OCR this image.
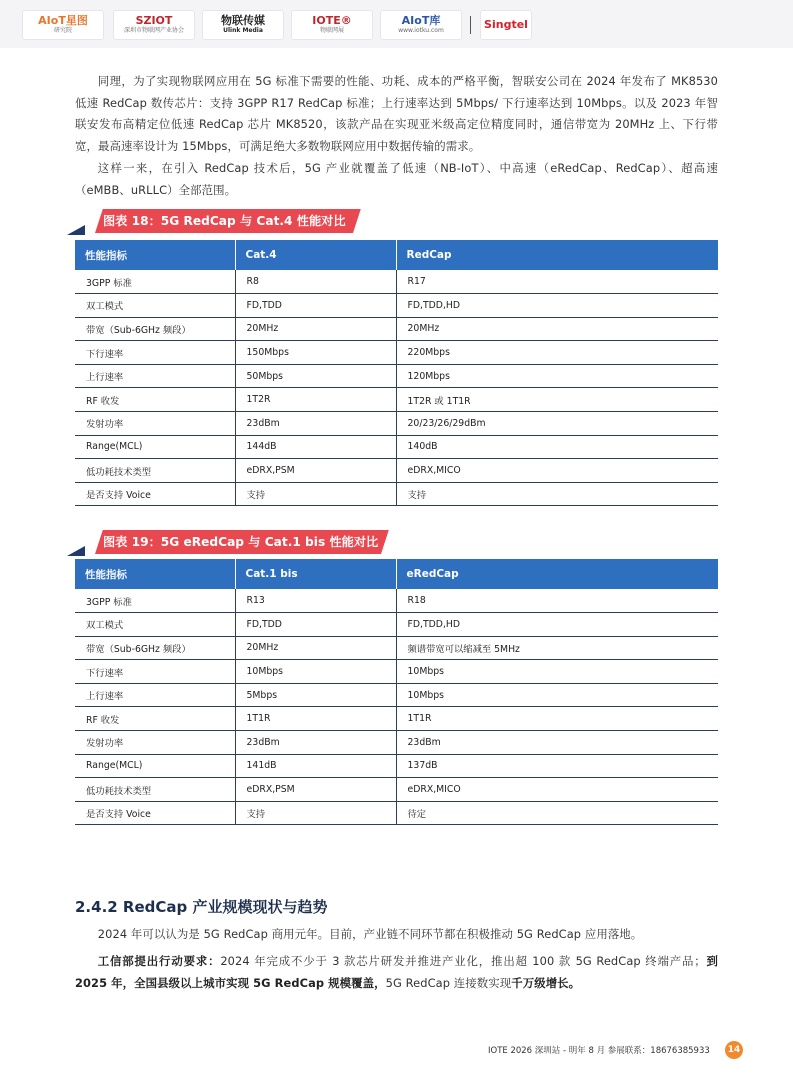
AIoT星图
研究院
SZIOT
深圳市物联网产业协会
物联传媒
Ulink Media
IOTE®
物联网展
AIoT库
www.iotku.com	Singtel

同理，为了实现物联网应用在 5G 标准下需要的性能、功耗、成本的严格平衡，智联安公司在 2024 年发布了 MK8530 低速 RedCap 数传芯片：支持 3GPP R17 RedCap 标准；上行速率达到 5Mbps/ 下行速率达到 10Mbps。以及 2023 年智联安发布高精定位低速 RedCap 芯片 MK8520，该款产品在实现亚米级高定位精度同时，通信带宽为 20MHz 上、下行带宽，最高速率设计为 15Mbps，可满足绝大多数物联网应用中数据传输的需求。

这样一来，在引入 RedCap 技术后，5G 产业就覆盖了低速（NB-IoT）、中高速（eRedCap、RedCap）、超高速（eMBB、uRLLC）全部范围。

图表 18：5G RedCap 与 Cat.4 性能对比
性能指标	Cat.4	RedCap
3GPP 标准	R8	R17
双工模式	FD,TDD	FD,TDD,HD
带宽（Sub-6GHz 频段）	20MHz	20MHz
下行速率	150Mbps	220Mbps
上行速率	50Mbps	120Mbps
RF 收发	1T2R	1T2R 或 1T1R
发射功率	23dBm	20/23/26/29dBm
Range(MCL)	144dB	140dB
低功耗技术类型	eDRX,PSM	eDRX,MICO
是否支持 Voice	支持	支持
图表 19：5G eRedCap 与 Cat.1 bis 性能对比
性能指标	Cat.1 bis	eRedCap
3GPP 标准	R13	R18
双工模式	FD,TDD	FD,TDD,HD
带宽（Sub-6GHz 频段）	20MHz	频谱带宽可以缩减至 5MHz
下行速率	10Mbps	10Mbps
上行速率	5Mbps	10Mbps
RF 收发	1T1R	1T1R
发射功率	23dBm	23dBm
Range(MCL)	141dB	137dB
低功耗技术类型	eDRX,PSM	eDRX,MICO
是否支持 Voice	支持	待定
2.4.2 RedCap 产业规模现状与趋势

2024 年可以认为是 5G RedCap 商用元年。目前，产业链不同环节都在积极推动 5G RedCap 应用落地。

工信部提出行动要求：2024 年完成不少于 3 款芯片研发并推进产业化，推出超 100 款 5G RedCap 终端产品；到 2025 年，全国县级以上城市实现 5G RedCap 规模覆盖，5G RedCap 连接数实现千万级增长。

IOTE 2026 深圳站 - 明年 8 月 参展联系：18676385933	14
